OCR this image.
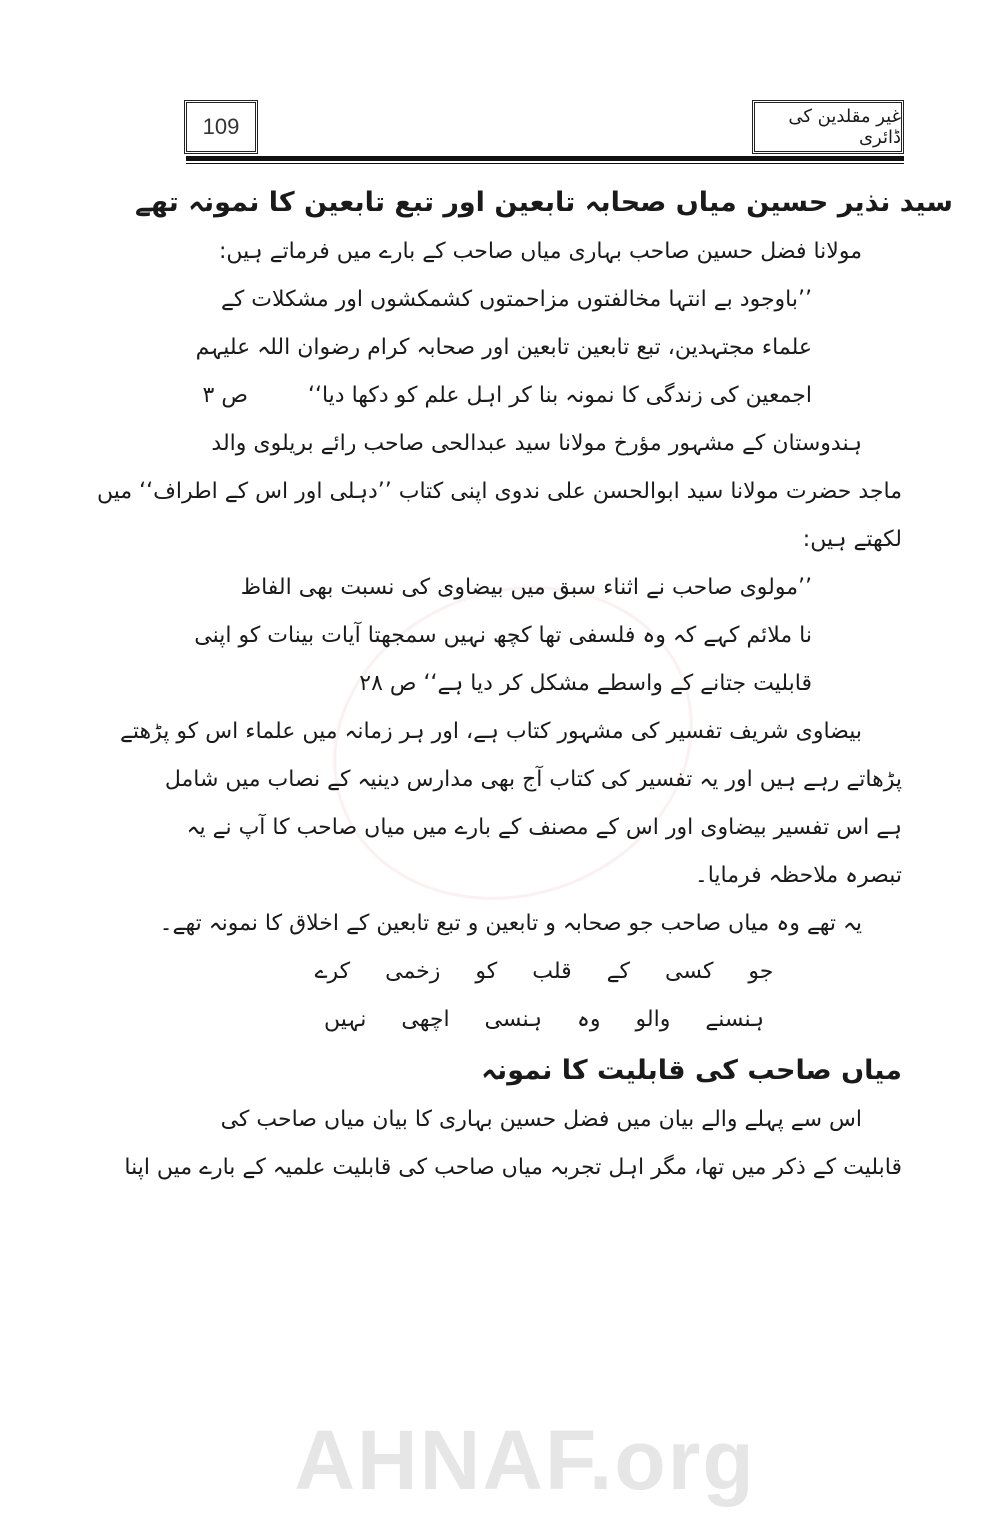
109	غیر مقلدین کی ڈائری
سید نذیر حسین میاں صحابہ تابعین اور تبع تابعین کا نمونہ تھے
مولانا فضل حسین صاحب بہاری میاں صاحب کے بارے میں فرماتے ہیں:
’’باوجود بے انتہا مخالفتوں مزاحمتوں کشمکشوں اور مشکلات کے
علماء مجتہدین، تبع تابعین تابعین اور صحابہ کرام رضوان اللہ علیہم
اجمعین کی زندگی کا نمونہ بنا کر اہل علم کو دکھا دیا‘‘
ص ۳
ہندوستان کے مشہور مؤرخ مولانا سید عبدالحی صاحب رائے بریلوی والد
ماجد حضرت مولانا سید ابوالحسن علی ندوی اپنی کتاب ’’دہلی اور اس کے اطراف‘‘ میں
لکھتے ہیں:
’’مولوی صاحب نے اثناء سبق میں بیضاوی کی نسبت بھی الفاظ
نا ملائم کہے کہ وہ فلسفی تھا کچھ نہیں سمجھتا آیات بینات کو اپنی
قابلیت جتانے کے واسطے مشکل کر دیا ہے‘‘ ص ۲۸
بیضاوی شریف تفسیر کی مشہور کتاب ہے، اور ہر زمانہ میں علماء اس کو پڑھتے
پڑھاتے رہے ہیں اور یہ تفسیر کی کتاب آج بھی مدارس دینیہ کے نصاب میں شامل
ہے اس تفسیر بیضاوی اور اس کے مصنف کے بارے میں میاں صاحب کا آپ نے یہ
تبصرہ ملاحظہ فرمایا۔
یہ تھے وہ میاں صاحب جو صحابہ و تابعین و تبع تابعین کے اخلاق کا نمونہ تھے۔
جو کسی کے قلب کو زخمی کرے
ہنسنے والو وہ ہنسی اچھی نہیں
میاں صاحب کی قابلیت کا نمونہ
اس سے پہلے والے بیان میں فضل حسین بہاری کا بیان میاں صاحب کی
قابلیت کے ذکر میں تھا، مگر اہل تجربہ میاں صاحب کی قابلیت علمیہ کے بارے میں اپنا
AHNAF.org
